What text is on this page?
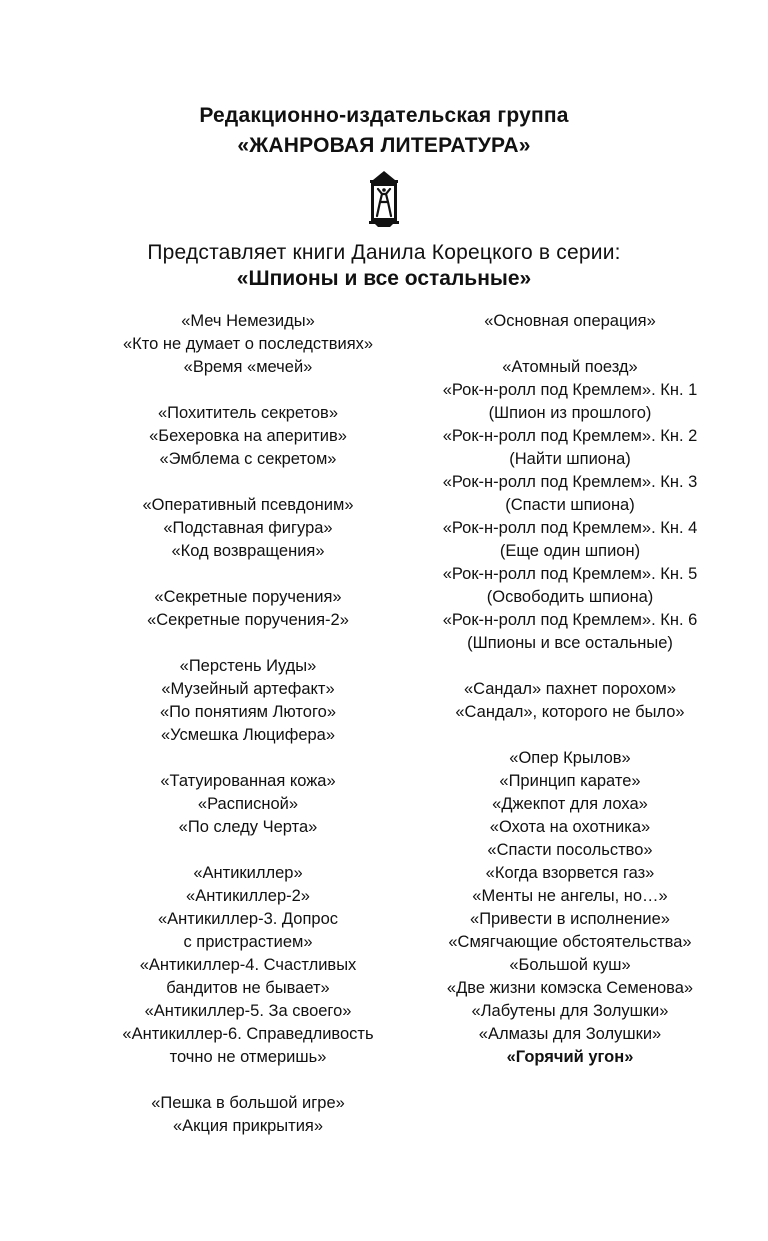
Редакционно-издательская группа
«ЖАНРОВАЯ ЛИТЕРАТУРА»
Представляет книги Данила Корецкого в серии:
«Шпионы и все остальные»
«Меч Немезиды»
«Кто не думает о последствиях»
«Время «мечей»
«Похититель секретов»
«Бехеровка на аперитив»
«Эмблема с секретом»
«Оперативный псевдоним»
«Подставная фигура»
«Код возвращения»
«Секретные поручения»
«Секретные поручения-2»
«Перстень Иуды»
«Музейный артефакт»
«По понятиям Лютого»
«Усмешка Люцифера»
«Татуированная кожа»
«Расписной»
«По следу Черта»
«Антикиллер»
«Антикиллер-2»
«Антикиллер-3. Допрос
с пристрастием»
«Антикиллер-4. Счастливых
бандитов не бывает»
«Антикиллер-5. За своего»
«Антикиллер-6. Справедливость
точно не отмеришь»
«Пешка в большой игре»
«Акция прикрытия»
«Основная операция»
«Атомный поезд»
«Рок-н-ролл под Кремлем». Кн. 1
(Шпион из прошлого)
«Рок-н-ролл под Кремлем». Кн. 2
(Найти шпиона)
«Рок-н-ролл под Кремлем». Кн. 3
(Спасти шпиона)
«Рок-н-ролл под Кремлем». Кн. 4
(Еще один шпион)
«Рок-н-ролл под Кремлем». Кн. 5
(Освободить шпиона)
«Рок-н-ролл под Кремлем». Кн. 6
(Шпионы и все остальные)
«Сандал» пахнет порохом»
«Сандал», которого не было»
«Опер Крылов»
«Принцип карате»
«Джекпот для лоха»
«Охота на охотника»
«Спасти посольство»
«Когда взорвется газ»
«Менты не ангелы, но…»
«Привести в исполнение»
«Смягчающие обстоятельства»
«Большой куш»
«Две жизни комэска Семенова»
«Лабутены для Золушки»
«Алмазы для Золушки»
«Горячий угон»
